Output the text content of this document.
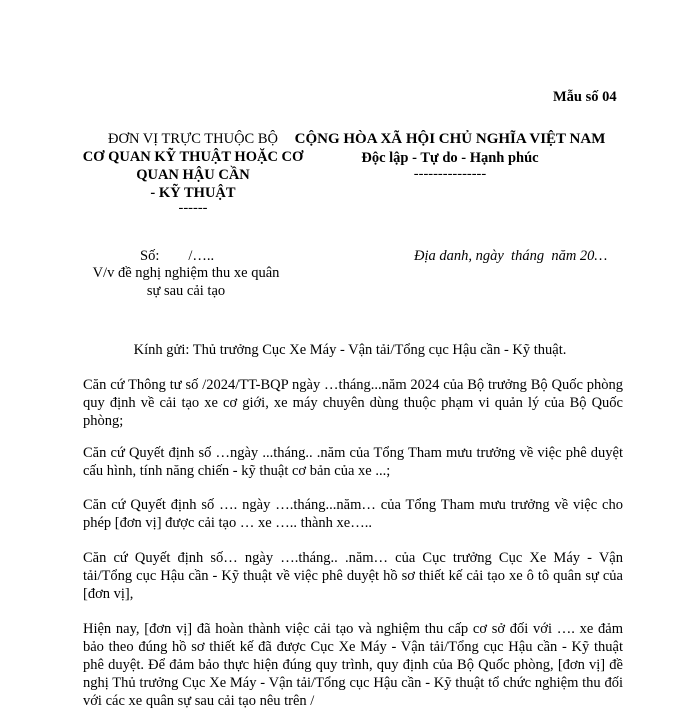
Mẫu số 04
ĐƠN VỊ TRỰC THUỘC BỘ
CƠ QUAN KỸ THUẬT HOẶC CƠ QUAN HẬU CẦN
- KỸ THUẬT
------
CỘNG HÒA XÃ HỘI CHỦ NGHĨA VIỆT NAM
Độc lập - Tự do - Hạnh phúc
---------------
Số:        /…..
V/v đề nghị nghiệm thu xe quân sự sau cải tạo
Địa danh, ngày  tháng  năm 20…
Kính gửi: Thủ trưởng Cục Xe Máy - Vận tải/Tổng cục Hậu cần - Kỹ thuật.
Căn cứ Thông tư số /2024/TT-BQP ngày …tháng...năm 2024 của Bộ trưởng Bộ Quốc phòng quy định về cải tạo xe cơ giới, xe máy chuyên dùng thuộc phạm vi quản lý của Bộ Quốc phòng;
Căn cứ Quyết định số …ngày ...tháng.. .năm của Tổng Tham mưu trưởng về việc phê duyệt cấu hình, tính năng chiến - kỹ thuật cơ bản của xe ...;
Căn cứ Quyết định số …. ngày ….tháng...năm… của Tổng Tham mưu trưởng về việc cho phép [đơn vị] được cải tạo … xe ….. thành xe…..
Căn cứ Quyết định số… ngày ….tháng.. .năm… của Cục trưởng Cục Xe Máy - Vận tải/Tổng cục Hậu cần - Kỹ thuật về việc phê duyệt hồ sơ thiết kế cải tạo xe ô tô quân sự của [đơn vị],
Hiện nay, [đơn vị] đã hoàn thành việc cải tạo và nghiệm thu cấp cơ sở đối với …. xe đảm bảo theo đúng hồ sơ thiết kế đã được Cục Xe Máy - Vận tải/Tổng cục Hậu cần - Kỹ thuật phê duyệt. Để đảm bảo thực hiện đúng quy trình, quy định của Bộ Quốc phòng, [đơn vị] đề nghị Thủ trưởng Cục Xe Máy - Vận tải/Tổng cục Hậu cần - Kỹ thuật tổ chức nghiệm thu đối với các xe quân sự sau cải tạo nêu trên /
